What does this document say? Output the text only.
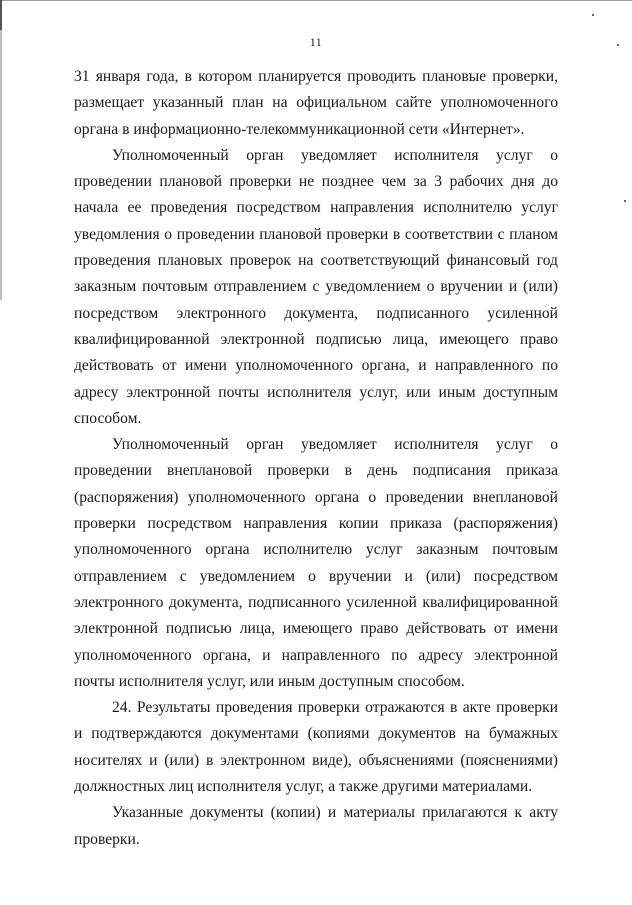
11

31 января года, в котором планируется проводить плановые проверки, размещает указанный план на официальном сайте уполномоченного органа в информационно-телекоммуникационной сети «Интернет».

Уполномоченный орган уведомляет исполнителя услуг о проведении плановой проверки не позднее чем за 3 рабочих дня до начала ее проведения посредством направления исполнителю услуг уведомления о проведении плановой проверки в соответствии с планом проведения плановых проверок на соответствующий финансовый год заказным почтовым отправлением с уведомлением о вручении и (или) посредством электронного документа, подписанного усиленной квалифицированной электронной подписью лица, имеющего право действовать от имени уполномоченного органа, и направленного по адресу электронной почты исполнителя услуг, или иным доступным способом.

Уполномоченный орган уведомляет исполнителя услуг о проведении внеплановой проверки в день подписания приказа (распоряжения) уполномоченного органа о проведении внеплановой проверки посредством направления копии приказа (распоряжения) уполномоченного органа исполнителю услуг заказным почтовым отправлением с уведомлением о вручении и (или) посредством электронного документа, подписанного усиленной квалифицированной электронной подписью лица, имеющего право действовать от имени уполномоченного органа, и направленного по адресу электронной почты исполнителя услуг, или иным доступным способом.

24. Результаты проведения проверки отражаются в акте проверки и подтверждаются документами (копиями документов на бумажных носителях и (или) в электронном виде), объяснениями (пояснениями) должностных лиц исполнителя услуг, а также другими материалами.

Указанные документы (копии) и материалы прилагаются к акту проверки.
